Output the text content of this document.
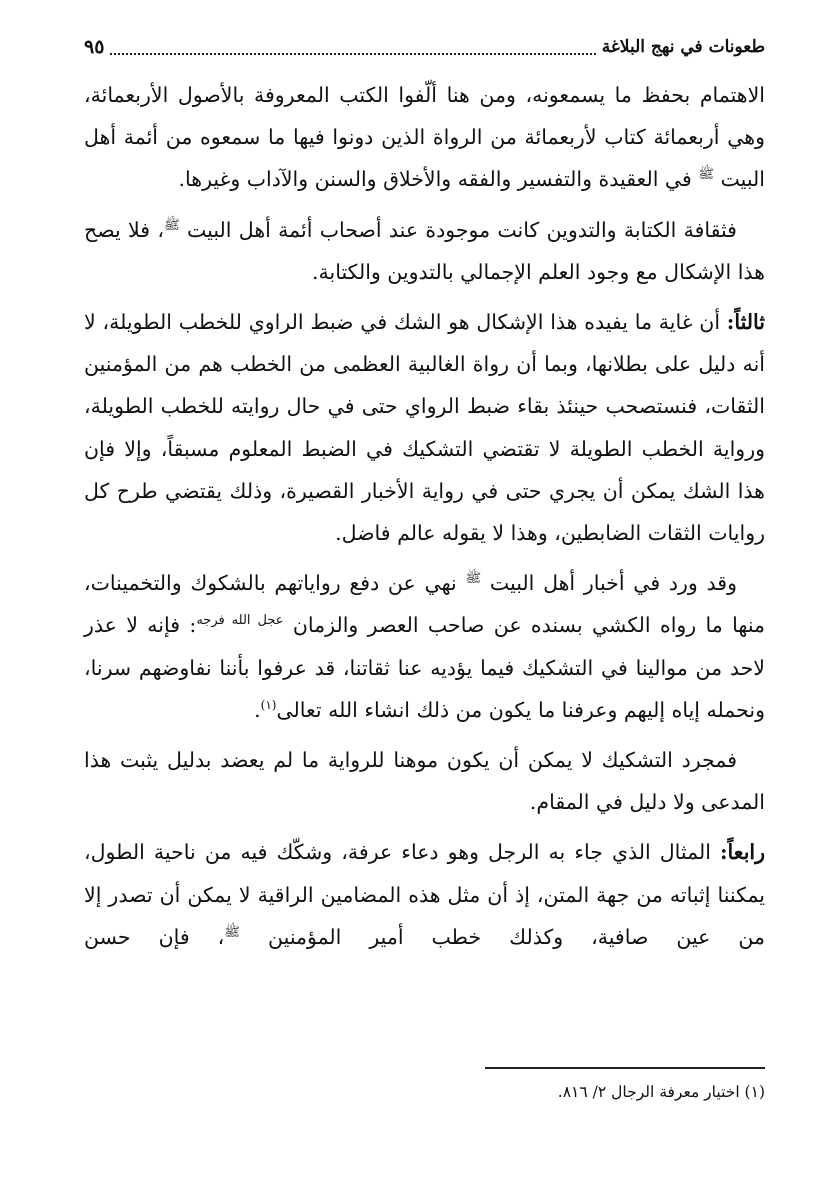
طعونات في نهج البلاغة
٩٥

الاهتمام بحفظ ما يسمعونه، ومن هنا ألّفوا الكتب المعروفة بالأصول الأربعمائة، وهي أربعمائة كتاب لأربعمائة من الرواة الذين دونوا فيها ما سمعوه من أئمة أهل البيت $^ﷺ$ في العقيدة والتفسير والفقه والأخلاق والسنن والآداب وغيرها.

فثقافة الكتابة والتدوين كانت موجودة عند أصحاب أئمة أهل البيت $^ﷺ$، فلا يصح هذا الإشكال مع وجود العلم الإجمالي بالتدوين والكتابة.

ثالثاً: أن غاية ما يفيده هذا الإشكال هو الشك في ضبط الراوي للخطب الطويلة، لا أنه دليل على بطلانها، وبما أن رواة الغالبية العظمى من الخطب هم من المؤمنين الثقات، فنستصحب حينئذ بقاء ضبط الرواي حتى في حال روايته للخطب الطويلة، ورواية الخطب الطويلة لا تقتضي التشكيك في الضبط المعلوم مسبقاً، وإلا فإن هذا الشك يمكن أن يجري حتى في رواية الأخبار القصيرة، وذلك يقتضي طرح كل روايات الثقات الضابطين، وهذا لا يقوله عالم فاضل.

وقد ورد في أخبار أهل البيت $^ﷺ$ نهي عن دفع رواياتهم بالشكوك والتخمينات، منها ما رواه الكشي بسنده عن صاحب العصر والزمان $^{عجل الله فرجه}$: فإنه لا عذر لاحد من موالينا في التشكيك فيما يؤديه عنا ثقاتنا، قد عرفوا بأننا نفاوضهم سرنا، ونحمله إياه إليهم وعرفنا ما يكون من ذلك انشاء الله تعالى$^{(١)}$.

فمجرد التشكيك لا يمكن أن يكون موهنا للرواية ما لم يعضد بدليل يثبت هذا المدعى ولا دليل في المقام.

رابعاً: المثال الذي جاء به الرجل وهو دعاء عرفة، وشكّك فيه من ناحية الطول، يمكننا إثباته من جهة المتن، إذ أن مثل هذه المضامين الراقية لا يمكن أن تصدر إلا من عين صافية، وكذلك خطب أمير المؤمنين $^ﷺ$، فإن حسن

(١) اختيار معرفة الرجال ٢/ ٨١٦.
